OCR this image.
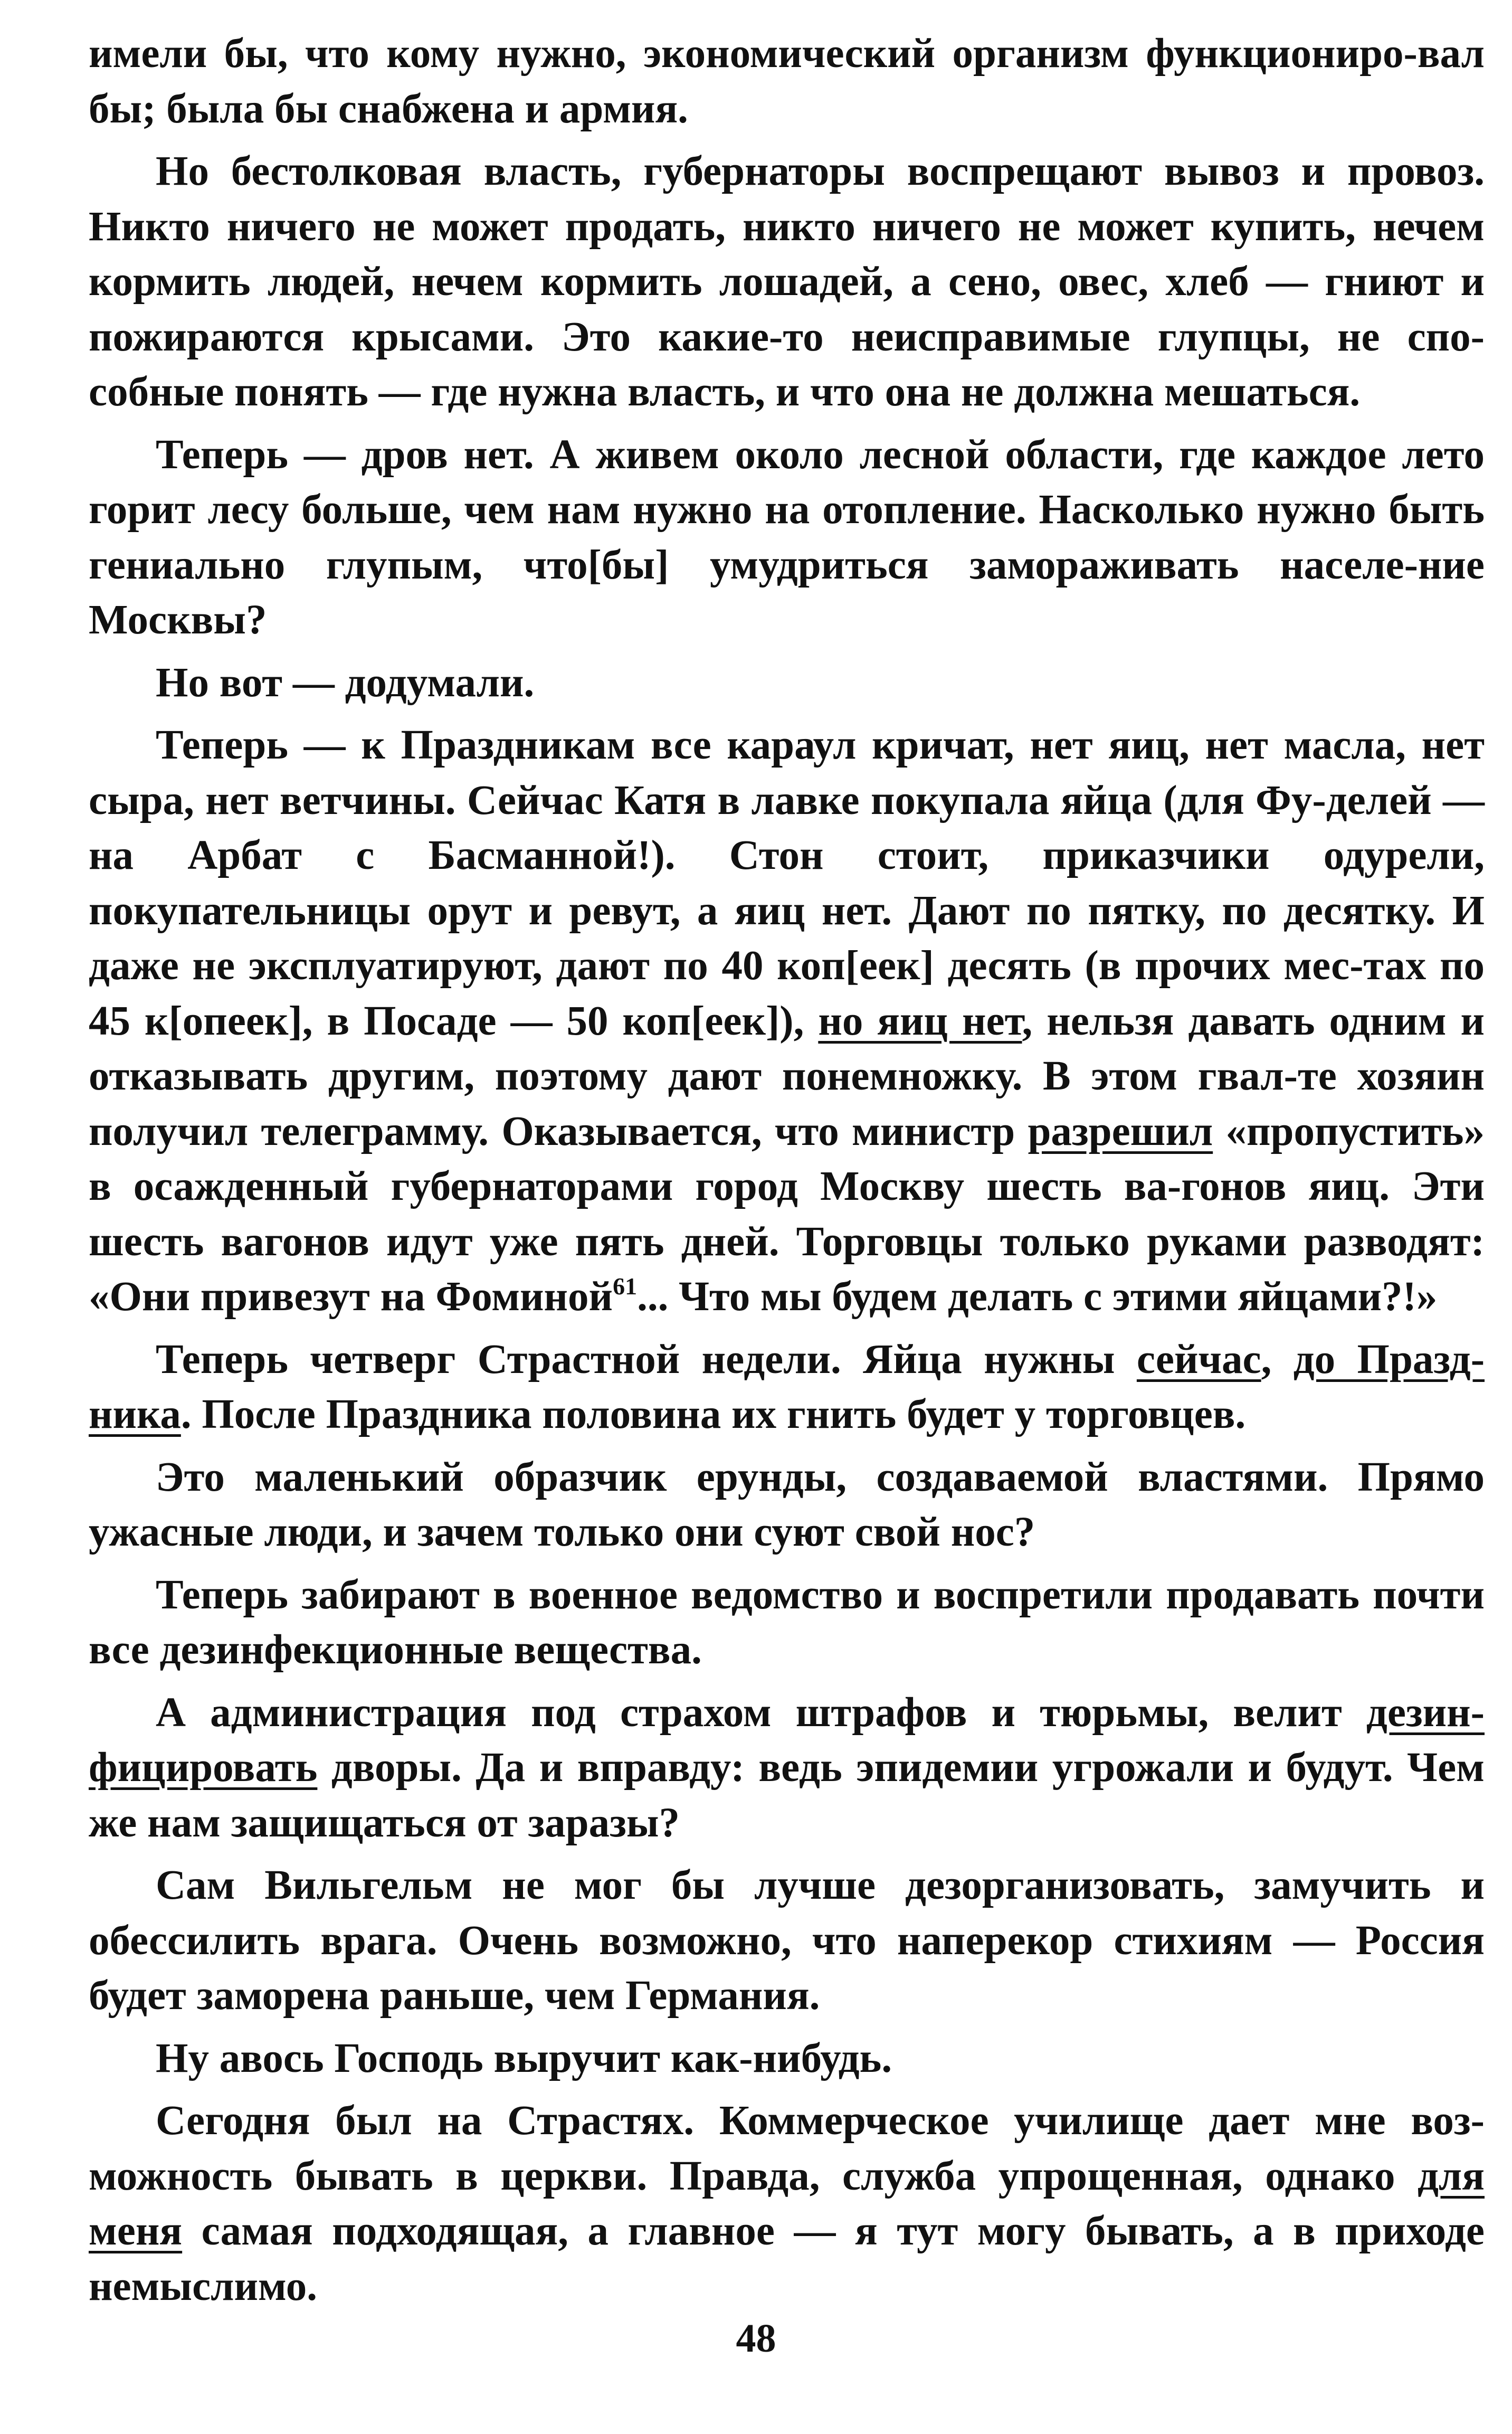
имели бы, что кому нужно, экономический организм функциониро-вал бы; была бы снабжена и армия.

Но бестолковая власть, губернаторы воспрещают вывоз и провоз. Никто ничего не может продать, никто ничего не может купить, нечем кормить людей, нечем кормить лошадей, а сено, овес, хлеб — гниют и пожираются крысами. Это какие-то неисправимые глупцы, не спо-собные понять — где нужна власть, и что она не должна мешаться.

Теперь — дров нет. А живем около лесной области, где каждое лето горит лесу больше, чем нам нужно на отопление. Насколько нужно быть гениально глупым, что[бы] умудриться замораживать населе-ние Москвы?

Но вот — додумали.

Теперь — к Праздникам все караул кричат, нет яиц, нет масла, нет сыра, нет ветчины. Сейчас Катя в лавке покупала яйца (для Фу-делей — на Арбат с Басманной!). Стон стоит, приказчики одурели, покупательницы орут и ревут, а яиц нет. Дают по пятку, по десятку. И даже не эксплуатируют, дают по 40 коп[еек] десять (в прочих мес-тах по 45 к[опеек], в Посаде — 50 коп[еек]), но яиц нет, нельзя давать одним и отказывать другим, поэтому дают понемножку. В этом гвал-те хозяин получил телеграмму. Оказывается, что министр разрешил «пропустить» в осажденный губернаторами город Москву шесть ва-гонов яиц. Эти шесть вагонов идут уже пять дней. Торговцы только руками разводят: «Они привезут на Фоминой$^{61}$... Что мы будем делать с этими яйцами?!»

Теперь четверг Страстной недели. Яйца нужны сейчас, до Празд-ника. После Праздника половина их гнить будет у торговцев.

Это маленький образчик ерунды, создаваемой властями. Прямо ужасные люди, и зачем только они суют свой нос?

Теперь забирают в военное ведомство и воспретили продавать почти все дезинфекционные вещества.

А администрация под страхом штрафов и тюрьмы, велит дезин-фицировать дворы. Да и вправду: ведь эпидемии угрожали и будут. Чем же нам защищаться от заразы?

Сам Вильгельм не мог бы лучше дезорганизовать, замучить и обессилить врага. Очень возможно, что наперекор стихиям — Россия будет заморена раньше, чем Германия.

Ну авось Господь выручит как-нибудь.

Сегодня был на Страстях. Коммерческое училище дает мне воз-можность бывать в церкви. Правда, служба упрощенная, однако для меня самая подходящая, а главное — я тут могу бывать, а в приходе немыслимо.

48
